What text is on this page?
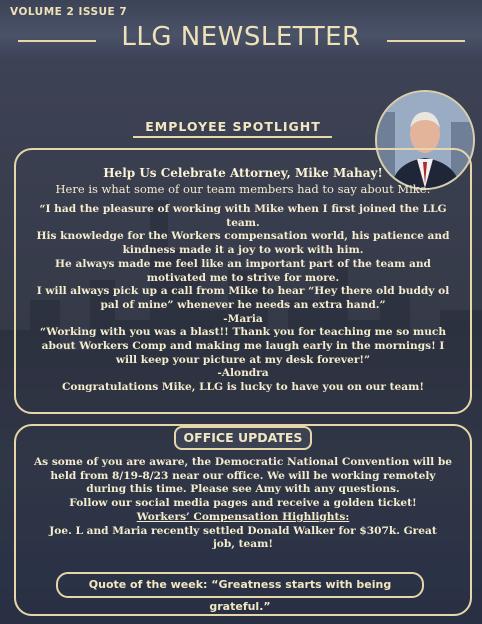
VOLUME 2 ISSUE 7
LLG NEWSLETTER
EMPLOYEE SPOTLIGHT
Help Us Celebrate Attorney, Mike Mahay!
Here is what some of our team members had to say about Mike:
“I had the pleasure of working with Mike when I first joined the LLG
team.
His knowledge for the Workers compensation world, his patience and
kindness made it a joy to work with him.
He always made me feel like an important part of the team and
motivated me to strive for more.
I will always pick up a call from Mike to hear “Hey there old buddy ol
pal of mine” whenever he needs an extra hand.”
-Maria
“Working with you was a blast!! Thank you for teaching me so much
about Workers Comp and making me laugh early in the mornings! I
will keep your picture at my desk forever!”
-Alondra
Congratulations Mike, LLG is lucky to have you on our team!
OFFICE UPDATES
As some of you are aware, the Democratic National Convention will be
held from 8/19-8/23 near our office. We will be working remotely
during this time. Please see Amy with any questions.
Follow our social media pages and receive a golden ticket!
Workers’ Compensation Highlights:
Joe. L and Maria recently settled Donald Walker for $307k. Great
job, team!
Quote of the week: “Greatness starts with being grateful.”
